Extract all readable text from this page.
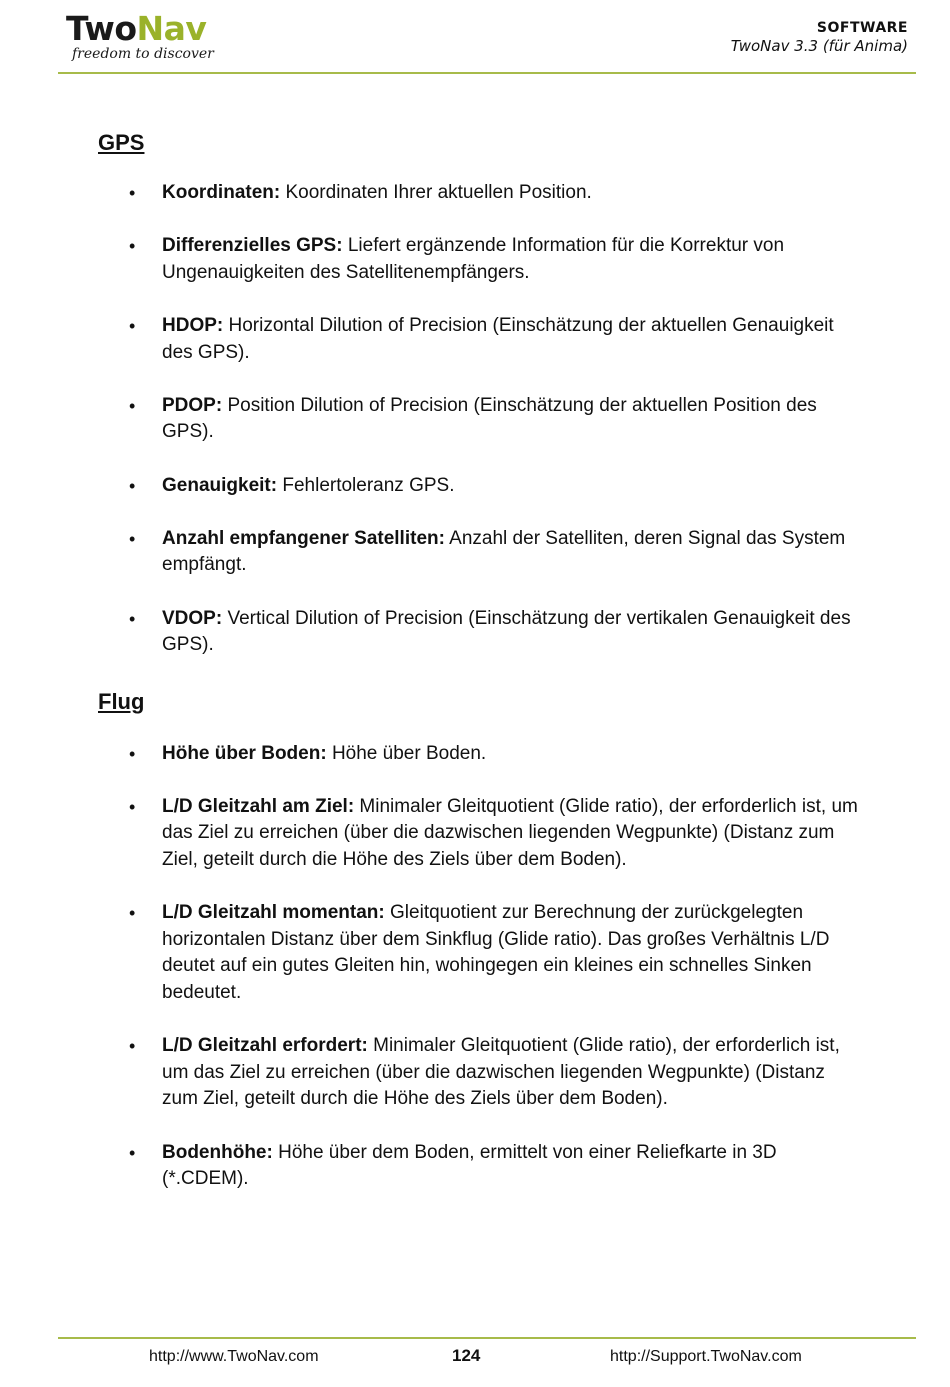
TwoNav
freedom to discover
SOFTWARE
TwoNav 3.3 (für Anima)
GPS
• Koordinaten: Koordinaten Ihrer aktuellen Position.
• Differenzielles GPS: Liefert ergänzende Information für die Korrektur von Ungenauigkeiten des Satellitenempfängers.
• HDOP: Horizontal Dilution of Precision (Einschätzung der aktuellen Genauigkeit des GPS).
• PDOP: Position Dilution of Precision (Einschätzung der aktuellen Position des GPS).
• Genauigkeit: Fehlertoleranz GPS.
• Anzahl empfangener Satelliten: Anzahl der Satelliten, deren Signal das System empfängt.
• VDOP: Vertical Dilution of Precision (Einschätzung der vertikalen Genauigkeit des GPS).
Flug
• Höhe über Boden: Höhe über Boden.
• L/D Gleitzahl am Ziel: Minimaler Gleitquotient (Glide ratio), der erforderlich ist, um das Ziel zu erreichen (über die dazwischen liegenden Wegpunkte) (Distanz zum Ziel, geteilt durch die Höhe des Ziels über dem Boden).
• L/D Gleitzahl momentan: Gleitquotient zur Berechnung der zurückgelegten horizontalen Distanz über dem Sinkflug (Glide ratio). Das großes Verhältnis L/D deutet auf ein gutes Gleiten hin, wohingegen ein kleines ein schnelles Sinken bedeutet.
• L/D Gleitzahl erfordert: Minimaler Gleitquotient (Glide ratio), der erforderlich ist, um das Ziel zu erreichen (über die dazwischen liegenden Wegpunkte) (Distanz zum Ziel, geteilt durch die Höhe des Ziels über dem Boden).
• Bodenhöhe: Höhe über dem Boden, ermittelt von einer Reliefkarte in 3D (*.CDEM).
http://www.TwoNav.com	124	http://Support.TwoNav.com
